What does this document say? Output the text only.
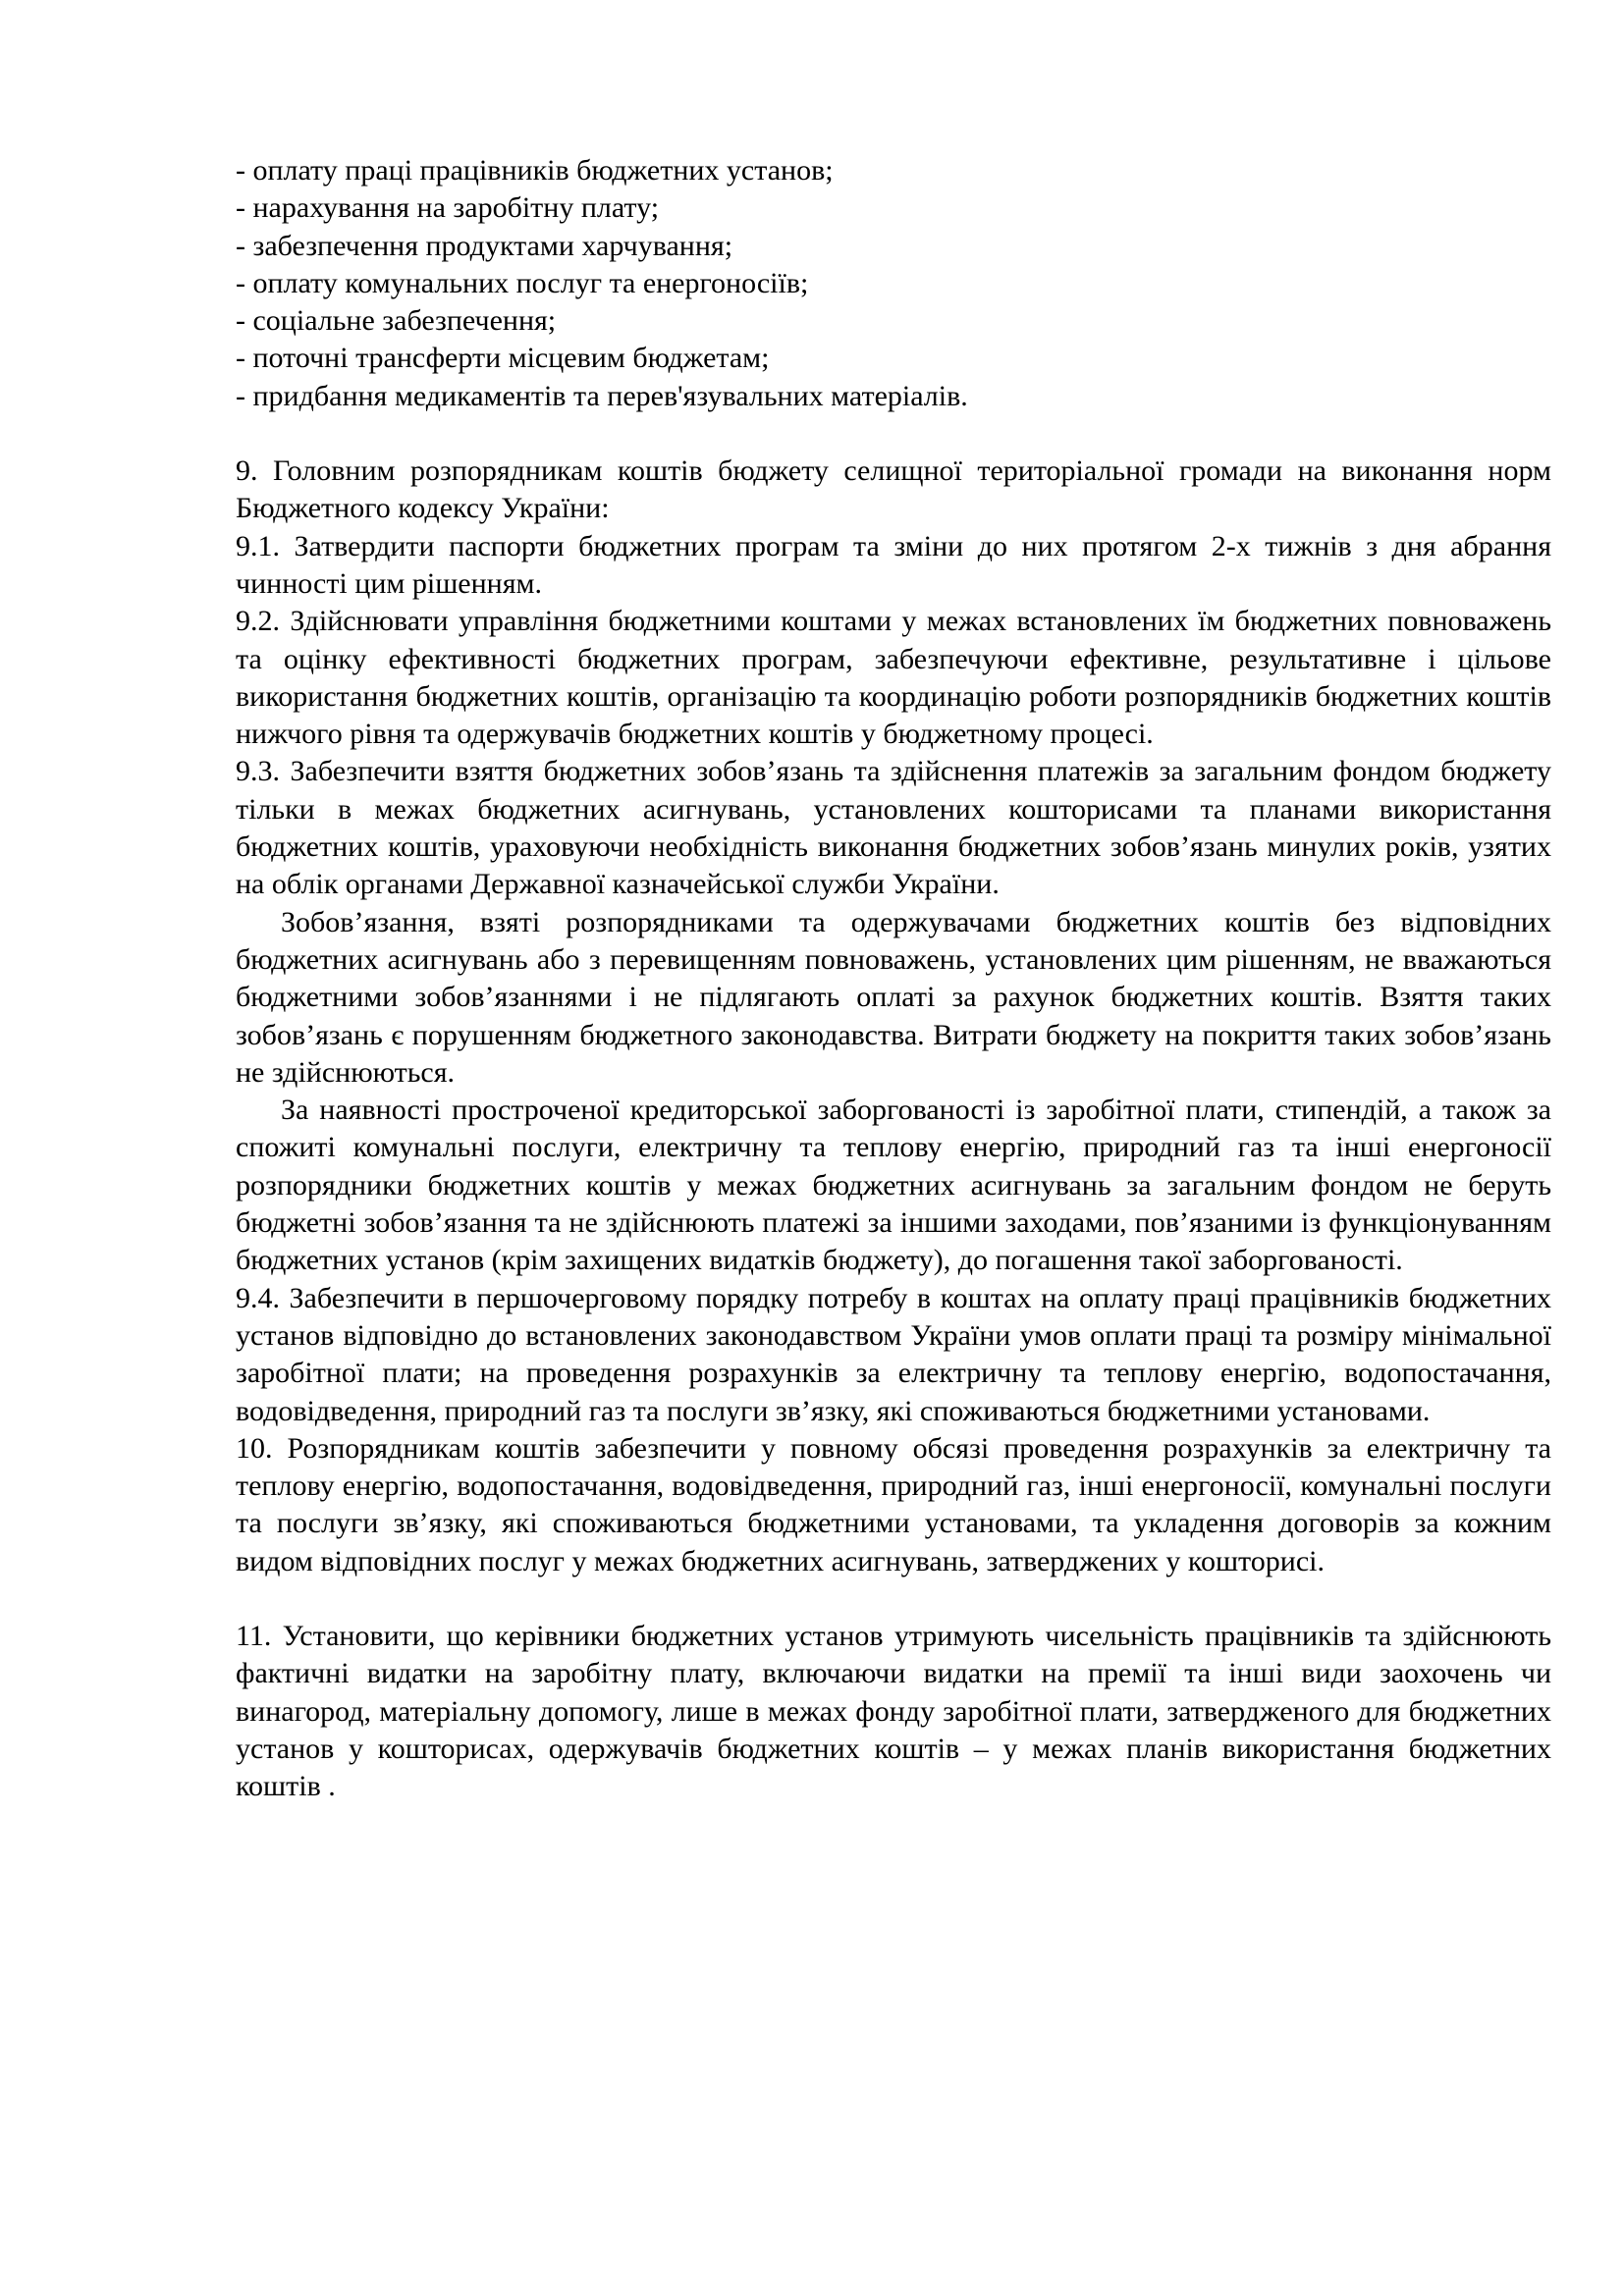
- оплату праці працівників бюджетних установ;
- нарахування на заробітну плату;
- забезпечення продуктами харчування;
- оплату комунальних послуг та енергоносіїв;
- соціальне забезпечення;
- поточні трансферти місцевим бюджетам;
- придбання медикаментів та перев'язувальних матеріалів.

9. Головним розпорядникам коштів бюджету селищної територіальної громади на виконання норм Бюджетного кодексу України:

9.1. Затвердити паспорти бюджетних програм та зміни до них протягом 2-х тижнів з дня абрання чинності цим рішенням.

9.2. Здійснювати управління бюджетними коштами у межах встановлених їм бюджетних повноважень та оцінку ефективності бюджетних програм, забезпечуючи ефективне, результативне і цільове використання бюджетних коштів, організацію та координацію роботи розпорядників бюджетних коштів нижчого рівня та одержувачів бюджетних коштів у бюджетному процесі.

9.3. Забезпечити взяття бюджетних зобов’язань та здійснення платежів за загальним фондом бюджету тільки в межах бюджетних асигнувань, установлених кошторисами та планами використання бюджетних коштів, ураховуючи необхідність виконання бюджетних зобов’язань минулих років, узятих на облік органами Державної казначейської служби України.

Зобов’язання, взяті розпорядниками та одержувачами бюджетних коштів без відповідних бюджетних асигнувань або з перевищенням повноважень, установлених цим рішенням, не вважаються бюджетними зобов’язаннями і не підлягають оплаті за рахунок бюджетних коштів. Взяття таких зобов’язань є порушенням бюджетного законодавства. Витрати бюджету на покриття таких зобов’язань не здійснюються.

За наявності простроченої кредиторської заборгованості із заробітної плати, стипендій, а також за спожиті комунальні послуги, електричну та теплову енергію, природний газ та інші енергоносії розпорядники бюджетних коштів у межах бюджетних асигнувань за загальним фондом не беруть бюджетні зобов’язання та не здійснюють платежі за іншими заходами, пов’язаними із функціонуванням бюджетних установ (крім захищених видатків бюджету), до погашення такої заборгованості.

9.4. Забезпечити в першочерговому порядку потребу в коштах на оплату праці працівників бюджетних установ відповідно до встановлених законодавством України умов оплати праці та розміру мінімальної заробітної плати; на проведення розрахунків за електричну та теплову енергію, водопостачання, водовідведення, природний газ та послуги зв’язку, які споживаються бюджетними установами.

10. Розпорядникам коштів забезпечити у повному обсязі проведення розрахунків за електричну та теплову енергію, водопостачання, водовідведення, природний газ, інші енергоносії, комунальні послуги та послуги зв’язку, які споживаються бюджетними установами, та укладення договорів за кожним видом відповідних послуг у межах бюджетних асигнувань, затверджених у кошторисі.

11. Установити, що керівники бюджетних установ утримують чисельність працівників та здійснюють фактичні видатки на заробітну плату, включаючи видатки на премії та інші види заохочень чи винагород, матеріальну допомогу, лише в межах фонду заробітної плати, затвердженого для бюджетних установ у кошторисах, одержувачів бюджетних коштів – у межах планів використання бюджетних коштів .
